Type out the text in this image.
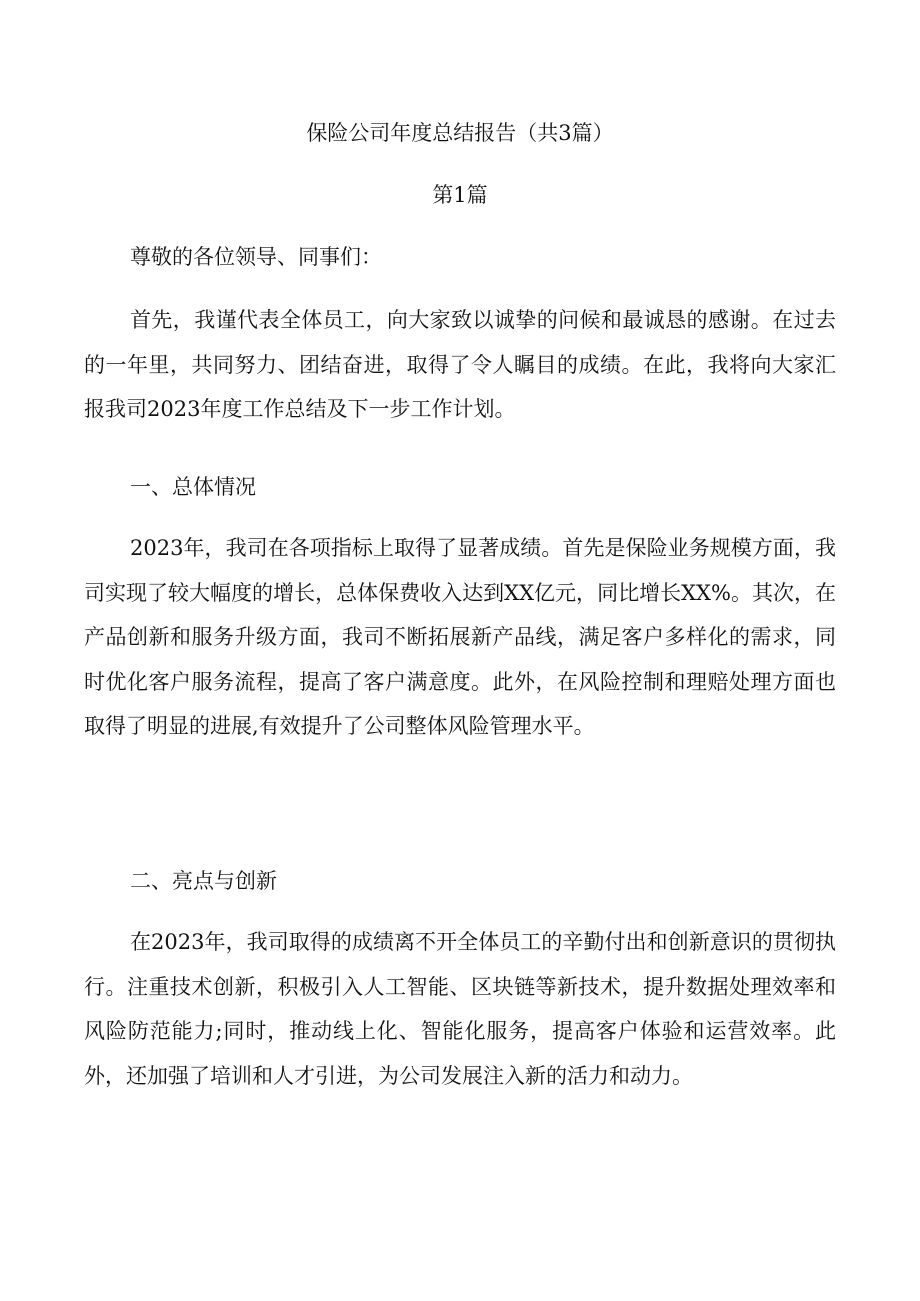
保险公司年度总结报告（共3篇）
第1篇

尊敬的各位领导、同事们：

首先，我谨代表全体员工，向大家致以诚挚的问候和最诚恳的感谢。在过去的一年里，共同努力、团结奋进，取得了令人瞩目的成绩。在此，我将向大家汇报我司2023年度工作总结及下一步工作计划。

一、总体情况

2023年，我司在各项指标上取得了显著成绩。首先是保险业务规模方面，我司实现了较大幅度的增长，总体保费收入达到XX亿元，同比增长XX%。其次，在产品创新和服务升级方面，我司不断拓展新产品线，满足客户多样化的需求，同时优化客户服务流程，提高了客户满意度。此外，在风险控制和理赔处理方面也取得了明显的进展,有效提升了公司整体风险管理水平。

二、亮点与创新

在2023年，我司取得的成绩离不开全体员工的辛勤付出和创新意识的贯彻执行。注重技术创新，积极引入人工智能、区块链等新技术，提升数据处理效率和风险防范能力;同时，推动线上化、智能化服务，提高客户体验和运营效率。此外，还加强了培训和人才引进，为公司发展注入新的活力和动力。
